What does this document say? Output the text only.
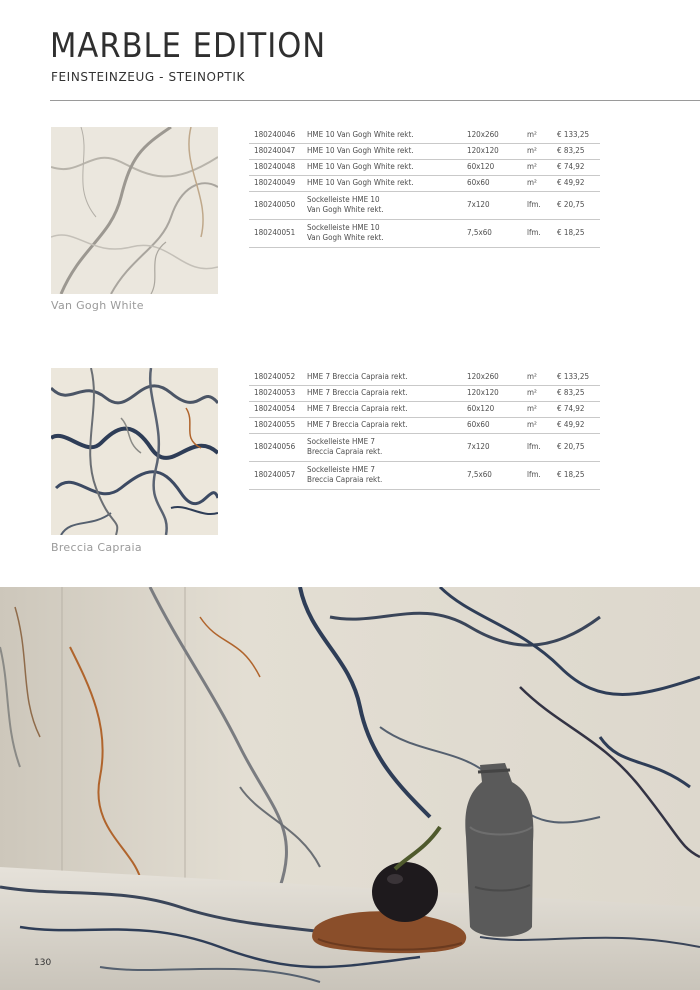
MARBLE EDITION
FEINSTEINZEUG - STEINOPTIK
Van Gogh White
180240046	HME 10 Van Gogh White rekt.	120x260	m²	€ 133,25
180240047	HME 10 Van Gogh White rekt.	120x120	m²	€ 83,25
180240048	HME 10 Van Gogh White rekt.	60x120	m²	€ 74,92
180240049	HME 10 Van Gogh White rekt.	60x60	m²	€ 49,92
180240050	Sockelleiste HME 10
Van Gogh White rekt.	7x120	lfm.	€ 20,75
180240051	Sockelleiste HME 10
Van Gogh White rekt.	7,5x60	lfm.	€ 18,25
Breccia Capraia
180240052	HME 7 Breccia Capraia rekt.	120x260	m²	€ 133,25
180240053	HME 7 Breccia Capraia rekt.	120x120	m²	€ 83,25
180240054	HME 7 Breccia Capraia rekt.	60x120	m²	€ 74,92
180240055	HME 7 Breccia Capraia rekt.	60x60	m²	€ 49,92
180240056	Sockelleiste HME 7
Breccia Capraia rekt.	7x120	lfm.	€ 20,75
180240057	Sockelleiste HME 7
Breccia Capraia rekt.	7,5x60	lfm.	€ 18,25
130
